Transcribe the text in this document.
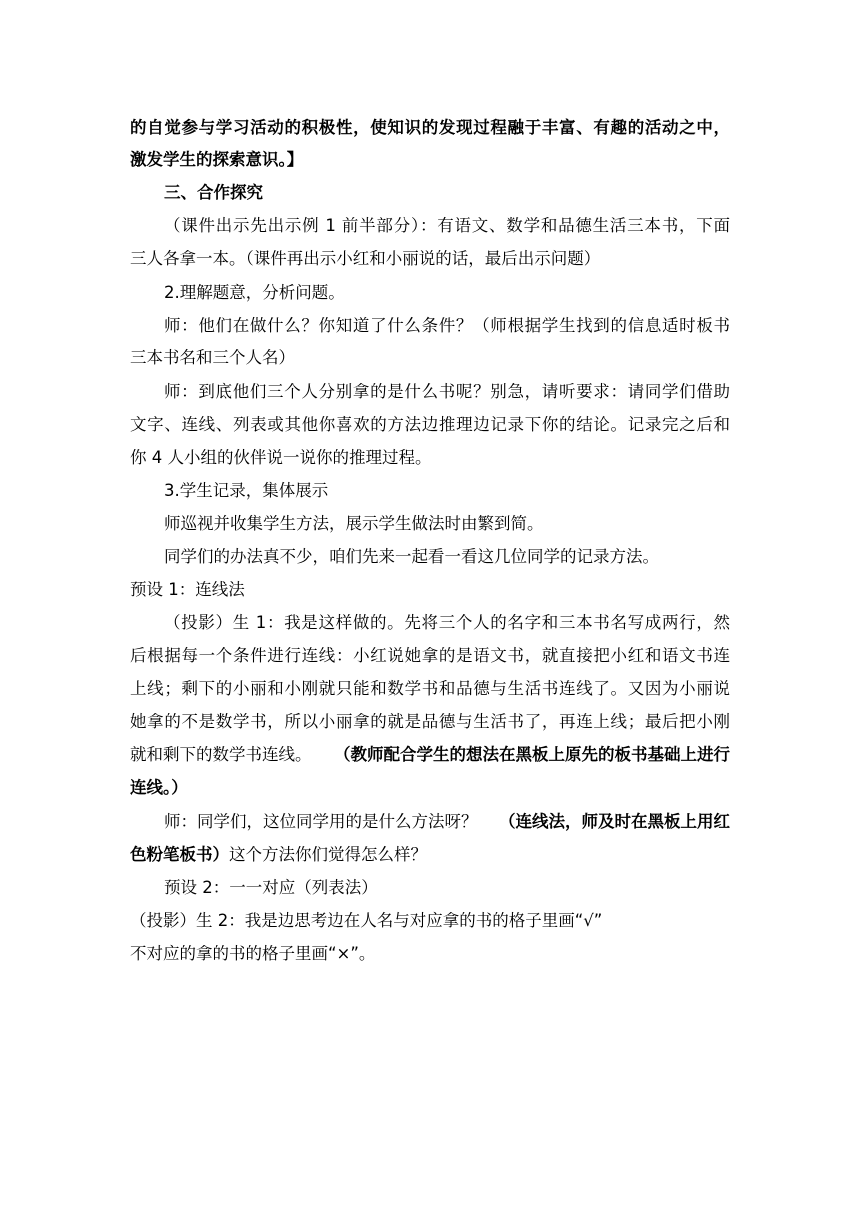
的自觉参与学习活动的积极性，使知识的发现过程融于丰富、有趣的活动之中，
激发学生的探索意识。】
三、合作探究
（课件出示先出示例 1 前半部分）：有语文、数学和品德生活三本书，下面
三人各拿一本。（课件再出示小红和小丽说的话，最后出示问题）
2.理解题意，分析问题。
师：他们在做什么？你知道了什么条件？（师根据学生找到的信息适时板书
三本书名和三个人名）
师：到底他们三个人分别拿的是什么书呢？别急，请听要求：请同学们借助
文字、连线、列表或其他你喜欢的方法边推理边记录下你的结论。记录完之后和
你 4 人小组的伙伴说一说你的推理过程。
3.学生记录，集体展示
师巡视并收集学生方法，展示学生做法时由繁到简。
同学们的办法真不少，咱们先来一起看一看这几位同学的记录方法。
预设 1：连线法
（投影）生 1：我是这样做的。先将三个人的名字和三本书名写成两行，然
后根据每一个条件进行连线：小红说她拿的是语文书，就直接把小红和语文书连
上线；剩下的小丽和小刚就只能和数学书和品德与生活书连线了。又因为小丽说
她拿的不是数学书，所以小丽拿的就是品德与生活书了，再连上线；最后把小刚
就和剩下的数学书连线。 （教师配合学生的想法在黑板上原先的板书基础上进行
连线。）
师：同学们，这位同学用的是什么方法呀？ （连线法，师及时在黑板上用红
色粉笔板书）这个方法你们觉得怎么样？
预设 2：一一对应（列表法）
（投影）生 2：我是边思考边在人名与对应拿的书的格子里画“√”
不对应的拿的书的格子里画“×”。
